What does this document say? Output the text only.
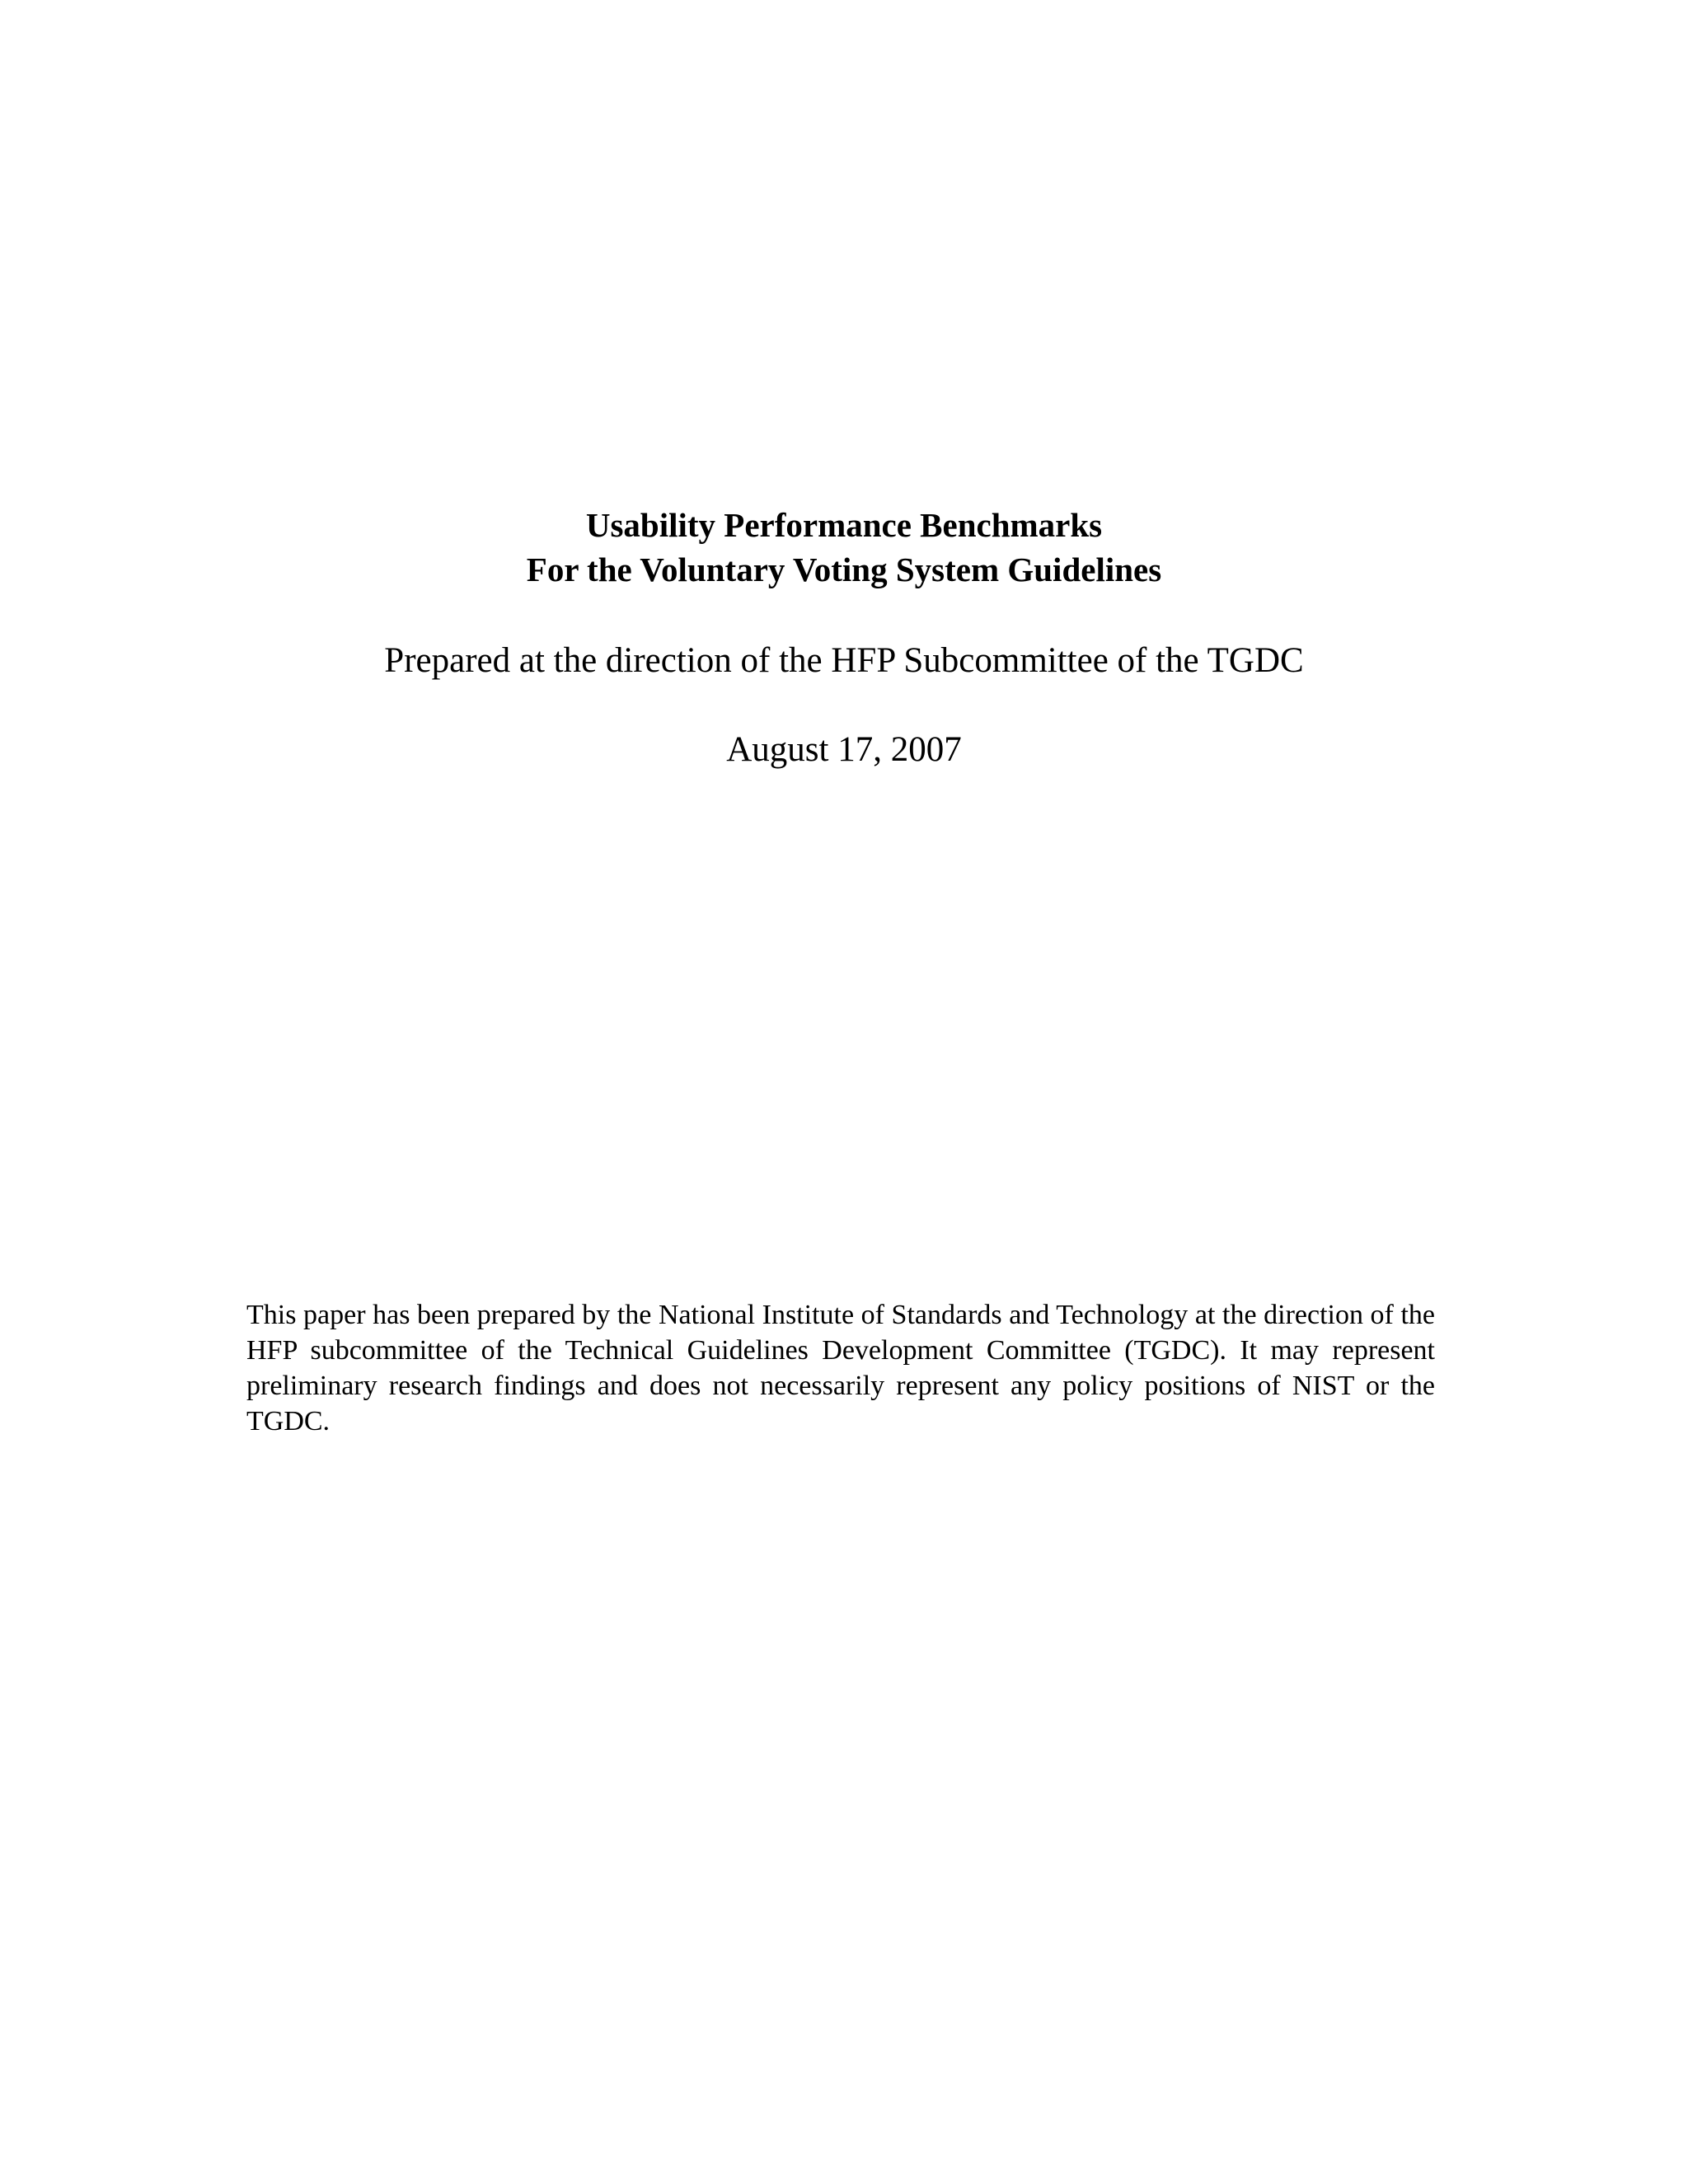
Usability Performance Benchmarks
For the Voluntary Voting System Guidelines
Prepared at the direction of the HFP Subcommittee of the TGDC
August 17, 2007
This paper has been prepared by the National Institute of Standards and Technology at the direction of the HFP subcommittee of the Technical Guidelines Development Committee (TGDC). It may represent preliminary research findings and does not necessarily represent any policy positions of NIST or the TGDC.
